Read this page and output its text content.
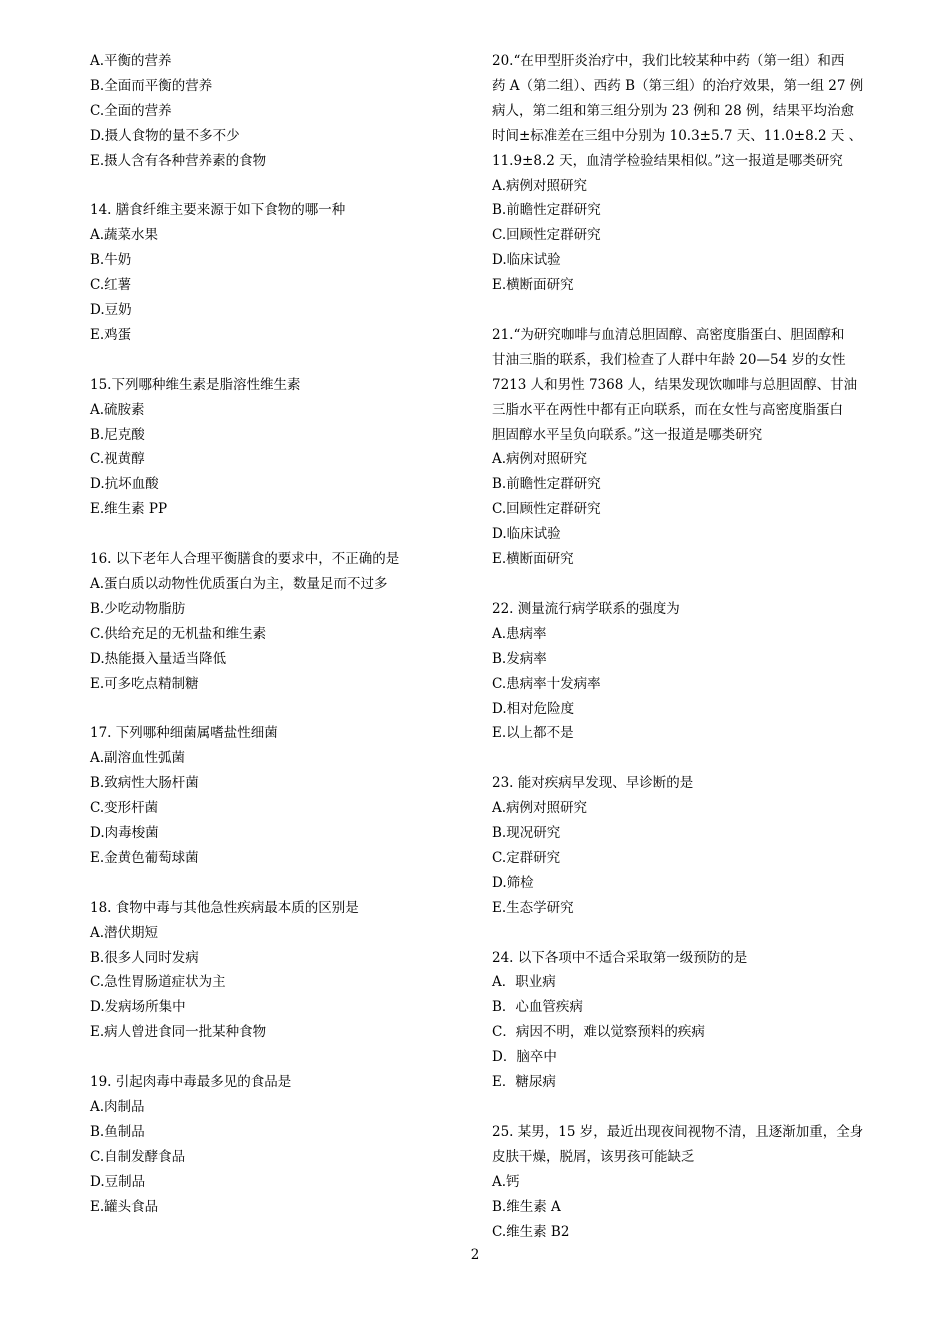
A.平衡的营养
B.全面而平衡的营养
C.全面的营养
D.摄人食物的量不多不少
E.摄人含有各种营养素的食物
14. 膳食纤维主要来源于如下食物的哪一种
A.蔬菜水果
B.牛奶
C.红薯
D.豆奶
E.鸡蛋
15.下列哪种维生素是脂溶性维生素
A.硫胺素
B.尼克酸
C.视黄醇
D.抗坏血酸
E.维生素 PP
16. 以下老年人合理平衡膳食的要求中，不正确的是
A.蛋白质以动物性优质蛋白为主，数量足而不过多
B.少吃动物脂肪
C.供给充足的无机盐和维生素
D.热能摄入量适当降低
E.可多吃点精制糖
17. 下列哪种细菌属嗜盐性细菌
A.副溶血性弧菌
B.致病性大肠杆菌
C.变形杆菌
D.肉毒梭菌
E.金黄色葡萄球菌
18. 食物中毒与其他急性疾病最本质的区别是
A.潜伏期短
B.很多人同时发病
C.急性胃肠道症状为主
D.发病场所集中
E.病人曾进食同一批某种食物
19. 引起肉毒中毒最多见的食品是
A.肉制品
B.鱼制品
C.自制发酵食品
D.豆制品
E.罐头食品
20.“在甲型肝炎治疗中，我们比较某种中药（第一组）和西
药 A（第二组）、西药 B（第三组）的治疗效果，第一组 27 例
病人，第二组和第三组分别为 23 例和 28 例，结果平均治愈
时间±标准差在三组中分别为 10.3±5.7 天、11.0±8.2 天 、
11.9±8.2 天，血清学检验结果相似。”这一报道是哪类研究
A.病例对照研究
B.前瞻性定群研究
C.回顾性定群研究
D.临床试验
E.横断面研究
21.“为研究咖啡与血清总胆固醇、高密度脂蛋白、胆固醇和
甘油三脂的联系，我们检查了人群中年龄 20—54 岁的女性
7213 人和男性 7368 人，结果发现饮咖啡与总胆固醇、甘油
三脂水平在两性中都有正向联系，而在女性与高密度脂蛋白
胆固醇水平呈负向联系。”这一报道是哪类研究
A.病例对照研究
B.前瞻性定群研究
C.回顾性定群研究
D.临床试验
E.横断面研究
22. 测量流行病学联系的强度为
A.患病率
B.发病率
C.患病率十发病率
D.相对危险度
E.以上都不是
23. 能对疾病早发现、早诊断的是
A.病例对照研究
B.现况研究
C.定群研究
D.筛检
E.生态学研究
24. 以下各项中不适合采取第一级预防的是
A．职业病
B．心血管疾病
C．病因不明，难以觉察预料的疾病
D．脑卒中
E．糖尿病
25. 某男，15 岁，最近出现夜间视物不清，且逐渐加重，全身
皮肤干燥，脱屑，该男孩可能缺乏
A.钙
B.维生素 A
C.维生素 B2
2
